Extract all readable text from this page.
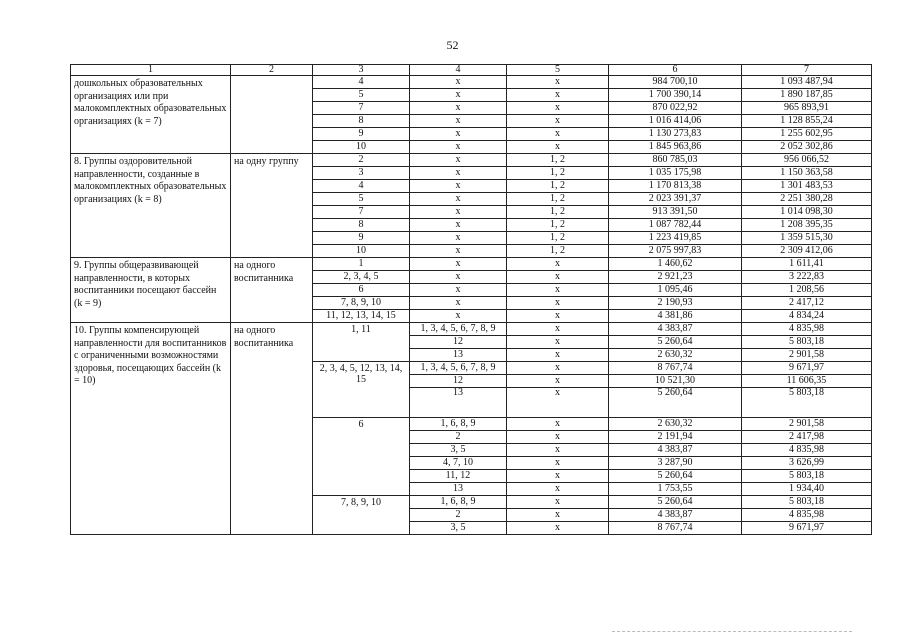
52
1	2	3	4	5	6	7
дошкольных образовательных организациях или при малокомплектных образовательных организациях (k = 7)		4	х	х	984 700,10	1 093 487,94
		5	х	х	1 700 390,14	1 890 187,85
		7	х	х	870 022,92	965 893,91
		8	х	х	1 016 414,06	1 128 855,24
		9	х	х	1 130 273,83	1 255 602,95
		10	х	х	1 845 963,86	2 052 302,86
8. Группы оздоровительной направленности, созданные в малокомплектных образовательных организациях (k = 8)	на одну группу	2	х	1, 2	860 785,03	956 066,52
		3	х	1, 2	1 035 175,98	1 150 363,58
		4	х	1, 2	1 170 813,38	1 301 483,53
		5	х	1, 2	2 023 391,37	2 251 380,28
		7	х	1, 2	913 391,50	1 014 098,30
		8	х	1, 2	1 087 782,44	1 208 395,35
		9	х	1, 2	1 223 419,85	1 359 515,30
		10	х	1, 2	2 075 997,83	2 309 412,06
9. Группы общеразвивающей направленности, в которых воспитанники посещают бассейн (k = 9)	на одного воспитанника	1	х	х	1 460,62	1 611,41
		2, 3, 4, 5	х	х	2 921,23	3 222,83
		6	х	х	1 095,46	1 208,56
		7, 8, 9, 10	х	х	2 190,93	2 417,12
		11, 12, 13, 14, 15	х	х	4 381,86	4 834,24
10. Группы компенсирующей направленности для воспитанников с ограниченными возможностями здоровья, посещающих бассейн (k = 10)	на одного воспитанника	1, 11	1, 3, 4, 5, 6, 7, 8, 9	х	4 383,87	4 835,98
			12	х	5 260,64	5 803,18
			13	х	2 630,32	2 901,58
		2, 3, 4, 5, 12, 13, 14, 15	1, 3, 4, 5, 6, 7, 8, 9	х	8 767,74	9 671,97
			12	х	10 521,30	11 606,35
			13	х	5 260,64	5 803,18
		6	1, 6, 8, 9	х	2 630,32	2 901,58
			2	х	2 191,94	2 417,98
			3, 5	х	4 383,87	4 835,98
			4, 7, 10	х	3 287,90	3 626,99
			11, 12	х	5 260,64	5 803,18
			13	х	1 753,55	1 934,40
		7, 8, 9, 10	1, 6, 8, 9	х	5 260,64	5 803,18
			2	х	4 383,87	4 835,98
			3, 5	х	8 767,74	9 671,97
